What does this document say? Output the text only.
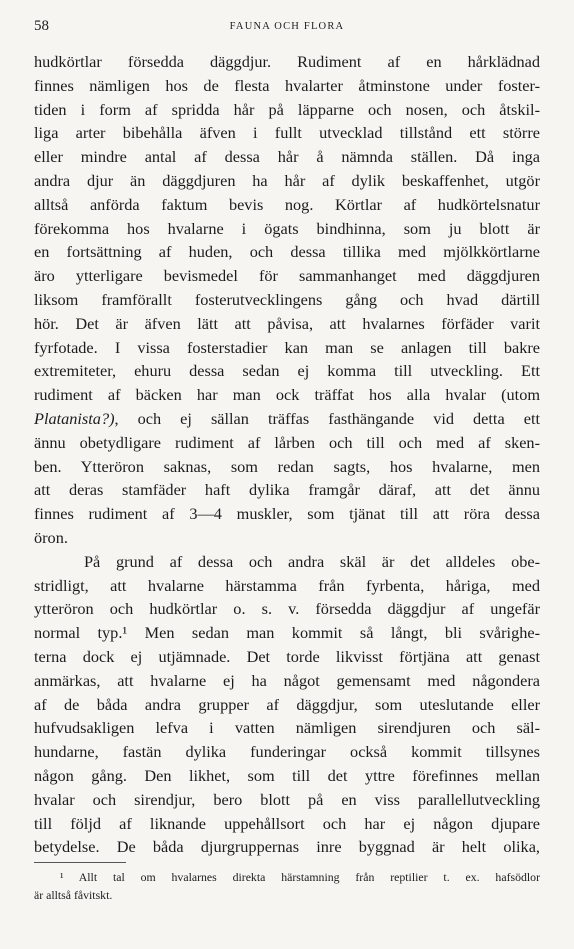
58	FAUNA OCH FLORA
hudkörtlar försedda däggdjur. Rudiment af en hårklädnad
finnes nämligen hos de flesta hvalarter åtminstone under foster-
tiden i form af spridda hår på läpparne och nosen, och åtskil-
liga arter bibehålla äfven i fullt utvecklad tillstånd ett större
eller mindre antal af dessa hår å nämnda ställen. Då inga
andra djur än däggdjuren ha hår af dylik beskaffenhet, utgör
alltså anförda faktum bevis nog. Körtlar af hudkörtelsnatur
förekomma hos hvalarne i ögats bindhinna, som ju blott är
en fortsättning af huden, och dessa tillika med mjölkkörtlarne
äro ytterligare bevismedel för sammanhanget med däggdjuren
liksom framförallt fosterutvecklingens gång och hvad därtill
hör. Det är äfven lätt att påvisa, att hvalarnes förfäder varit
fyrfotade. I vissa fosterstadier kan man se anlagen till bakre
extremiteter, ehuru dessa sedan ej komma till utveckling. Ett
rudiment af bäcken har man ock träffat hos alla hvalar (utom
Platanista?), och ej sällan träffas fasthängande vid detta ett
ännu obetydligare rudiment af lårben och till och med af sken-
ben. Ytteröron saknas, som redan sagts, hos hvalarne, men
att deras stamfäder haft dylika framgår däraf, att det ännu
finnes rudiment af 3—4 muskler, som tjänat till att röra dessa
öron.
På grund af dessa och andra skäl är det alldeles obe-
stridligt, att hvalarne härstamma från fyrbenta, håriga, med
ytteröron och hudkörtlar o. s. v. försedda däggdjur af ungefär
normal typ.¹ Men sedan man kommit så långt, bli svårighe-
terna dock ej utjämnade. Det torde likvisst förtjäna att genast
anmärkas, att hvalarne ej ha något gemensamt med någondera
af de båda andra grupper af däggdjur, som uteslutande eller
hufvudsakligen lefva i vatten nämligen sirendjuren och säl-
hundarne, fastän dylika funderingar också kommit tillsynes
någon gång. Den likhet, som till det yttre förefinnes mellan
hvalar och sirendjur, bero blott på en viss parallellutveckling
till följd af liknande uppehållsort och har ej någon djupare
betydelse. De båda djurgruppernas inre byggnad är helt olika,
¹ Allt tal om hvalarnes direkta härstamning från reptilier t. ex. hafsödlor
är alltså fåvitskt.
